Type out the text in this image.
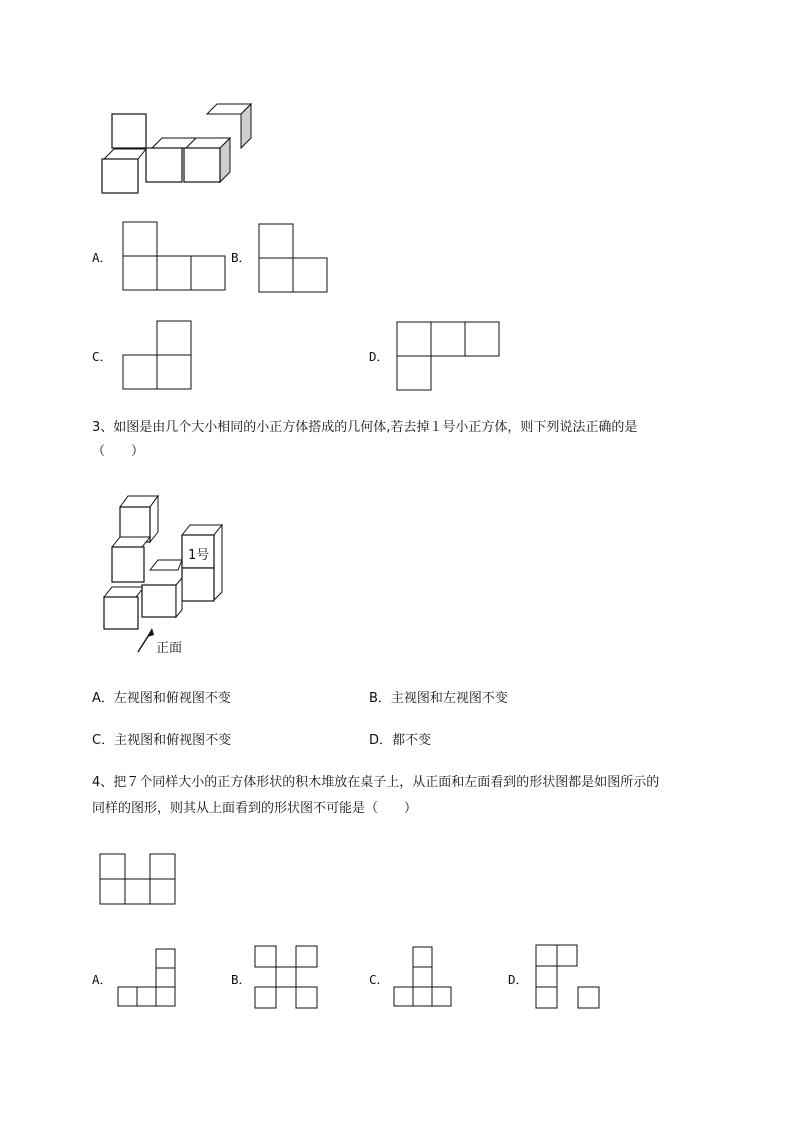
A．	B．
C．	D．
3、如图是由几个大小相同的小正方体搭成的几何体,若去掉１号小正方体，则下列说法正确的是
（　　）
1号
正面
A．左视图和俯视图不变	B．主视图和左视图不变
C．主视图和俯视图不变	D．都不变
4、把７个同样大小的正方体形状的积木堆放在桌子上，从正面和左面看到的形状图都是如图所示的
同样的图形，则其从上面看到的形状图不可能是（　　）
A．	B．	C．	D．
